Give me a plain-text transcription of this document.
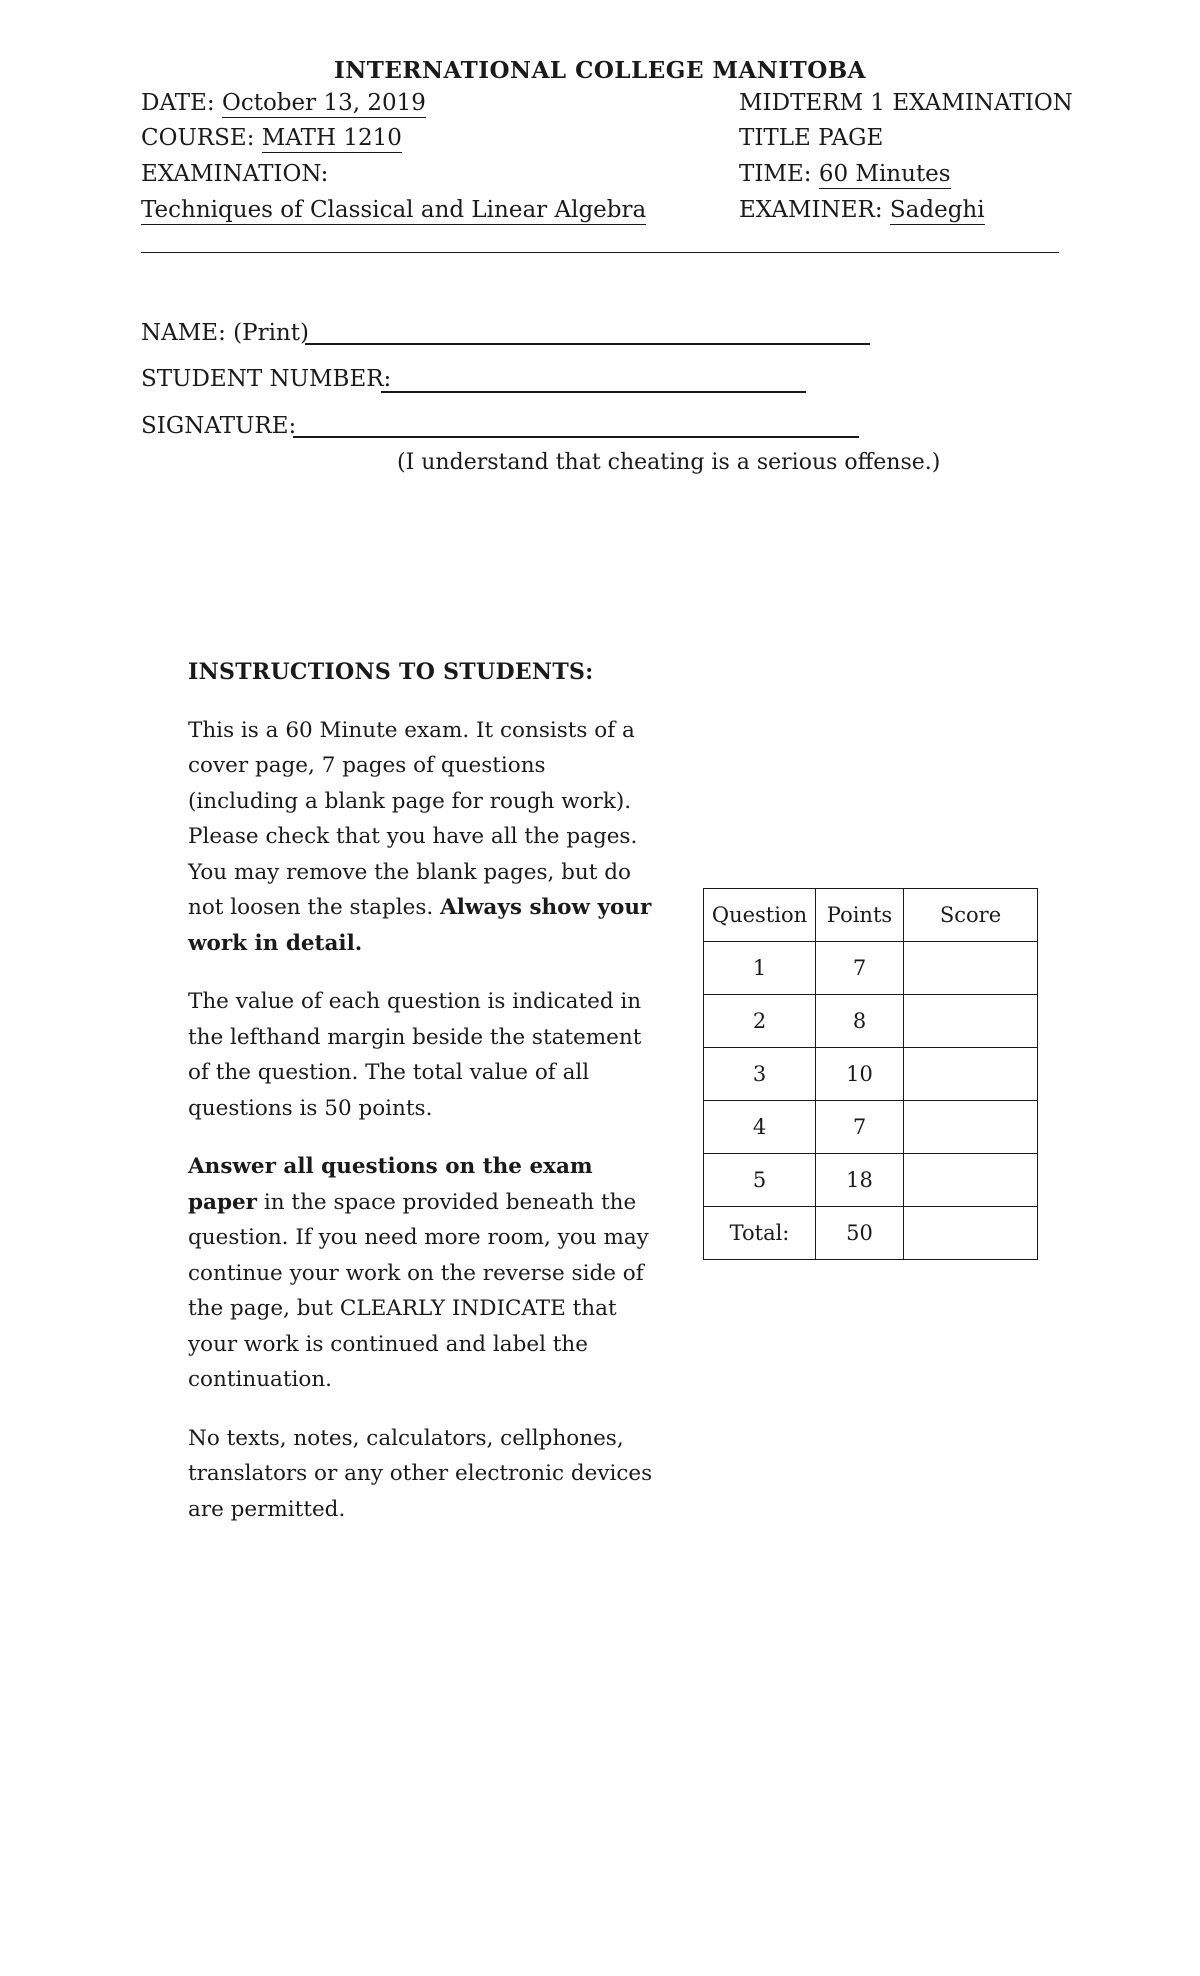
INTERNATIONAL COLLEGE MANITOBA
DATE: October 13, 2019
COURSE: MATH 1210
EXAMINATION:
Techniques of Classical and Linear Algebra
MIDTERM 1 EXAMINATION
TITLE PAGE
TIME: 60 Minutes
EXAMINER: Sadeghi
NAME: (Print)
STUDENT NUMBER:
SIGNATURE:
(I understand that cheating is a serious offense.)
INSTRUCTIONS TO STUDENTS:

This is a 60 Minute exam. It consists of a cover page, 7 pages of questions (including a blank page for rough work). Please check that you have all the pages. You may remove the blank pages, but do not loosen the staples. Always show your work in detail.

The value of each question is indicated in the lefthand margin beside the statement of the question. The total value of all questions is 50 points.

Answer all questions on the exam paper in the space provided beneath the question. If you need more room, you may continue your work on the reverse side of the page, but CLEARLY INDICATE that your work is continued and label the continuation.

No texts, notes, calculators, cellphones, translators or any other electronic devices are permitted.

Question	Points	Score
1	7	
2	8	
3	10	
4	7	
5	18	
Total:	50	
